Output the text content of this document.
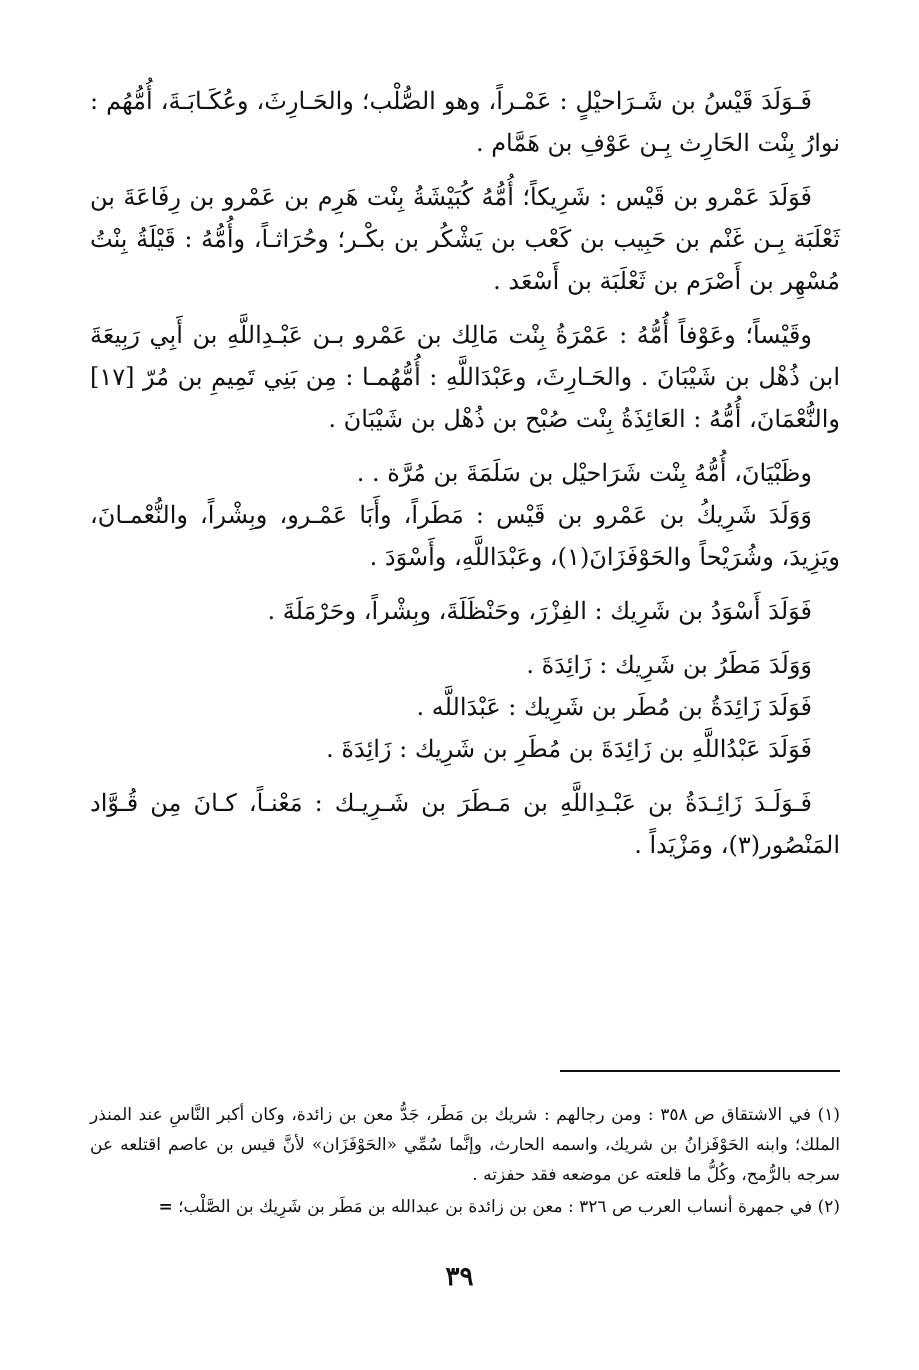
فَـوَلَدَ قَيْسُ بن شَـرَاحيْلٍ : عَمْـراً، وهو الصُّلْب؛ والحَـارِثَ، وعُكَـابَـةَ، أُمُّهُم : نوارُ بِنْت الحَارِث بِـن عَوْفِ بن هَمَّام .

فَوَلَدَ عَمْرو بن قَيْس : شَرِيكاً؛ أُمُّهُ كُبَيْشَةُ بِنْت هَرِم بن عَمْرو بن رِفَاعَةَ بن ثَعْلَبَة بِـن غَنْم بن حَبِيب بن كَعْب بن يَشْكُر بن بكْـر؛ وحُرَاثـاً، وأُمُّهُ : قَيْلَةُ بِنْتُ مُسْهِر بن أَصْرَم بن ثَعْلَبَة بن أَسْعَد .

وقَيْساً؛ وعَوْفاً أُمُّهُ : عَمْرَةُ بِنْت مَالِك بن عَمْرو بـن عَبْـدِاللَّهِ بن أَبِي رَبِيعَةَ ابن ذُهْل بن شَيْبَانَ . والحَـارِثَ، وعَبْدَاللَّهِ : أُمُّهُمـا : مِن بَنِي تَمِيمِ بن مُرّ [١٧] والنُّعْمَانَ، أُمُّهُ : العَائِذَةُ بِنْت صُبْح بن ذُهْل بن شَيْبَانَ .

وظَبْيَانَ، أُمُّهُ بِنْت شَرَاحيْل بن سَلَمَةَ بن مُرَّة . .

وَوَلَدَ شَرِيكُ بن عَمْرو بن قَيْس : مَطَراً، وأَبَا عَمْـرو، وبِشْراً، والنُّعْمـانَ، ويَزِيدَ، وشُرَيْحاً والحَوْفَزَانَ(١)، وعَبْدَاللَّهِ، وأَسْوَدَ .

فَوَلَدَ أَسْوَدُ بن شَرِيك : الفِزْرَ، وحَنْظَلَةَ، وبِشْراً، وحَرْمَلَةَ .

وَوَلَدَ مَطَرُ بن شَرِيك : زَائِدَةَ .

فَوَلَدَ زَائِدَةُ بن مُطَر بن شَرِيك : عَبْدَاللَّه .

فَوَلَدَ عَبْدُاللَّهِ بن زَائِدَةَ بن مُطَرِ بن شَرِيك : زَائِدَةَ .

فَـوَلَـدَ زَائِـدَةُ بن عَبْـدِاللَّهِ بن مَـطَرَ بن شَـرِيـك : مَعْنـاً، كـانَ مِن قُـوَّاد المَنْصُور(٣)، ومَزْيَداً .

(١) في الاشتقاق ص ٣٥٨ : ومن رجالهم : شريك بن مَطَر، جَدُّ معن بن زائدة، وكان أكبر النَّاسِ عند المنذر الملك؛ وابنه الحَوْفَزانُ بن شريك، واسمه الحارث، وإنَّما سُمِّي «الحَوْفَزَان» لأنَّ قيس بن عاصم اقتلعه عن سرجه بالرُّمح، وكُلُّ ما قلعته عن موضعه فقد حفزته .

(٢) في جمهرة أنساب العرب ص ٣٢٦ : معن بن زائدة بن عبدالله بن مَطَر بن شَرِيك بن الصَّلْب؛ =

٣٩
